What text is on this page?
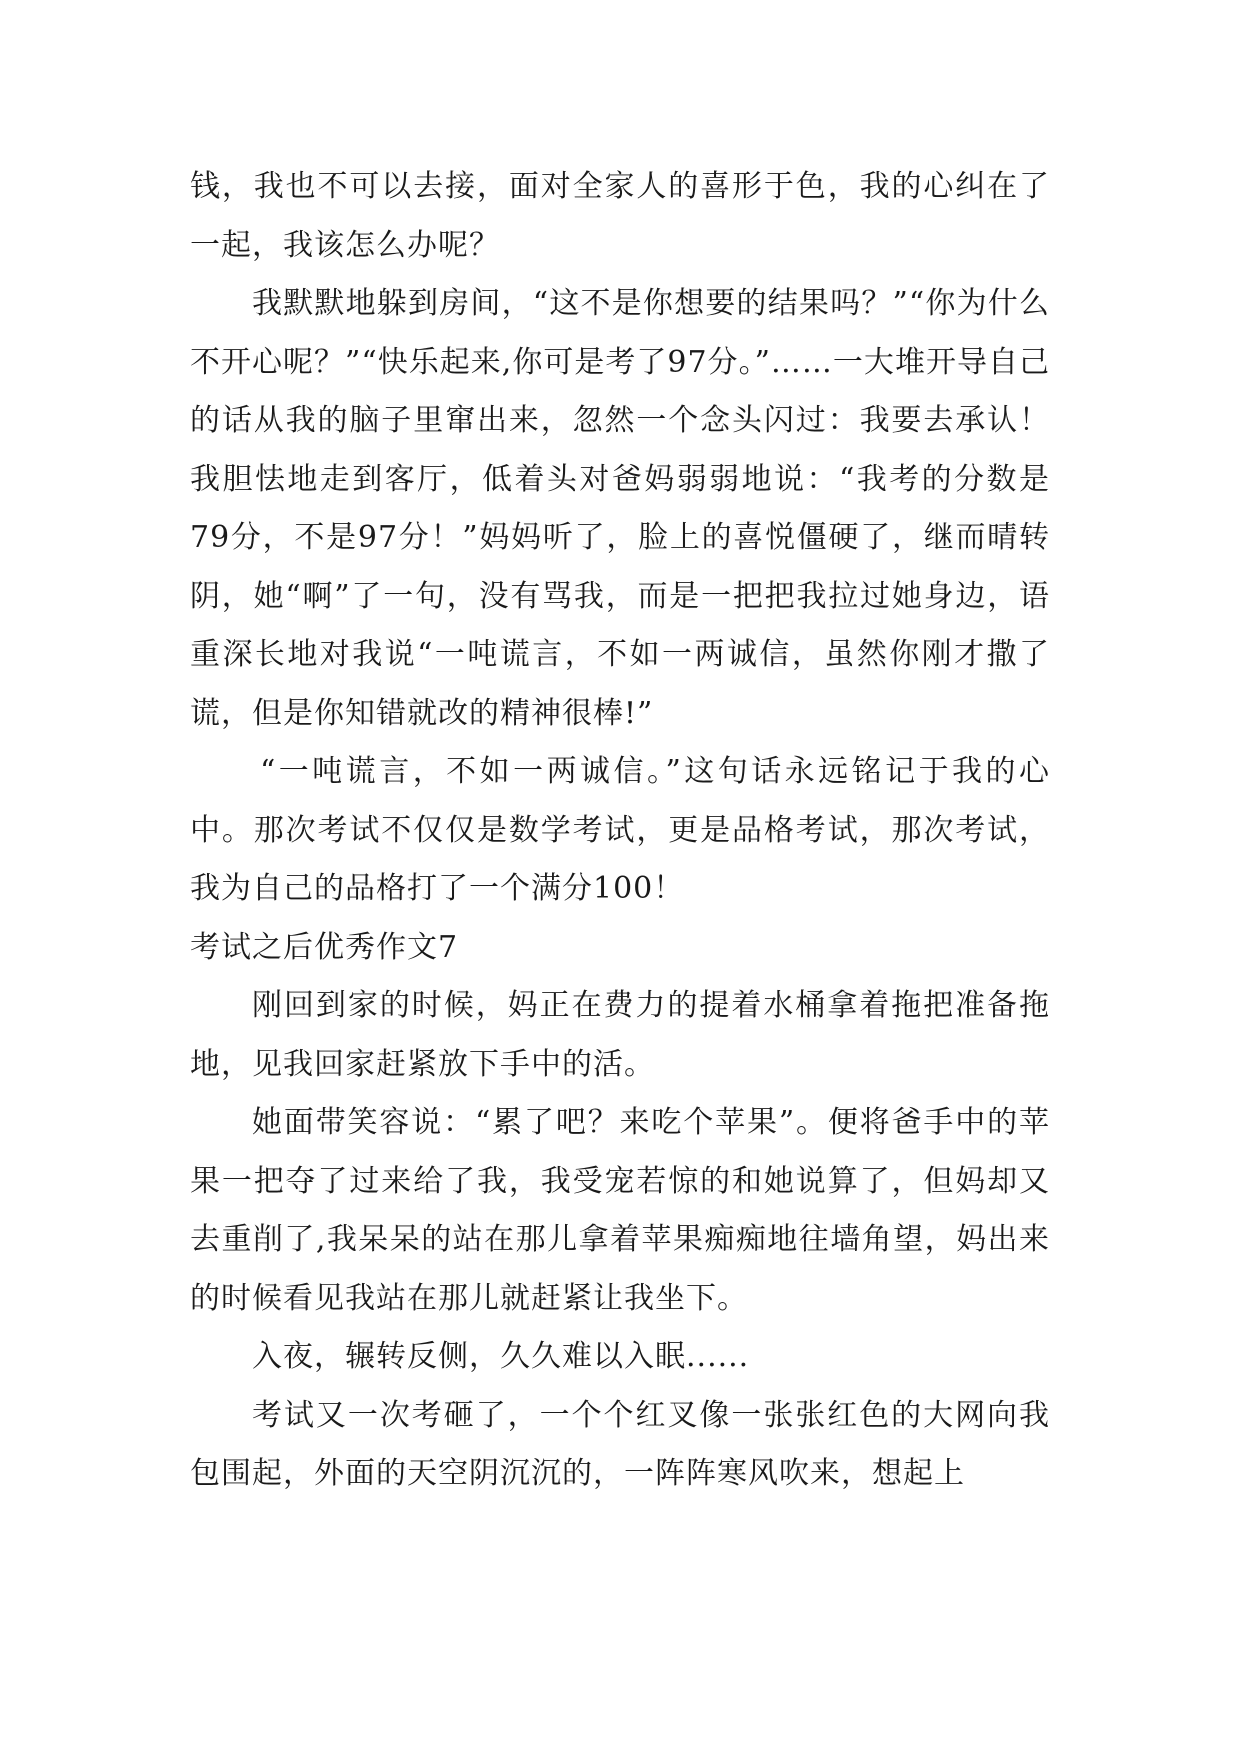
钱，我也不可以去接，面对全家人的喜形于色，我的心纠在了一起，我该怎么办呢？

我默默地躲到房间，“这不是你想要的结果吗？”“你为什么不开心呢？”“快乐起来,你可是考了97分。”……一大堆开导自己的话从我的脑子里窜出来，忽然一个念头闪过：我要去承认！我胆怯地走到客厅，低着头对爸妈弱弱地说：“我考的分数是79分，不是97分！”妈妈听了，脸上的喜悦僵硬了，继而晴转阴，她“啊”了一句，没有骂我，而是一把把我拉过她身边，语重深长地对我说“一吨谎言，不如一两诚信，虽然你刚才撒了谎，但是你知错就改的精神很棒!”

“一吨谎言，不如一两诚信。”这句话永远铭记于我的心中。那次考试不仅仅是数学考试，更是品格考试，那次考试，我为自己的品格打了一个满分100！

考试之后优秀作文7

刚回到家的时候，妈正在费力的提着水桶拿着拖把准备拖地，见我回家赶紧放下手中的活。

她面带笑容说：“累了吧？来吃个苹果”。便将爸手中的苹果一把夺了过来给了我，我受宠若惊的和她说算了，但妈却又去重削了,我呆呆的站在那儿拿着苹果痴痴地往墙角望，妈出来的时候看见我站在那儿就赶紧让我坐下。

入夜，辗转反侧，久久难以入眠......

考试又一次考砸了，一个个红叉像一张张红色的大网向我包围起，外面的天空阴沉沉的，一阵阵寒风吹来，想起上
